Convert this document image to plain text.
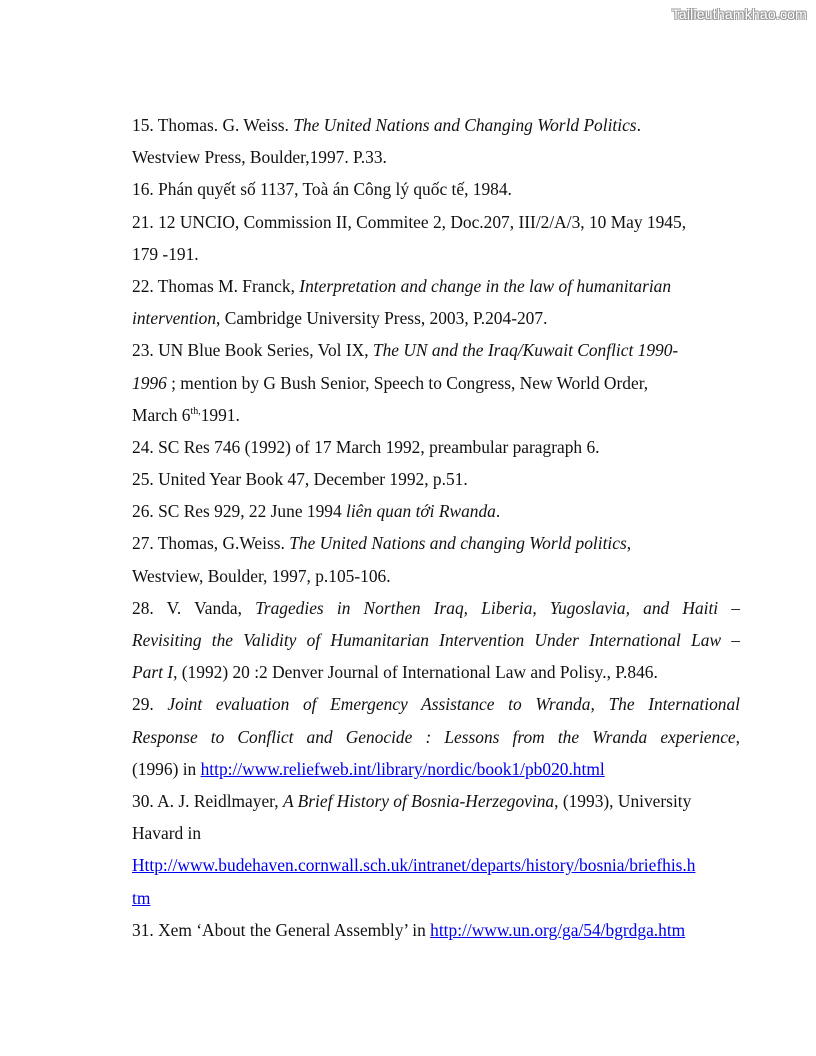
Tailieuthamkhao.com
15. Thomas. G. Weiss. The United Nations and Changing World Politics.
Westview Press, Boulder,1997. P.33.
16. Phán quyết số 1137, Toà án Công lý quốc tế, 1984.
21. 12 UNCIO, Commission II, Commitee 2, Doc.207, III/2/A/3, 10 May 1945,
179 -191.
22. Thomas M. Franck, Interpretation and change in the law of humanitarian
intervention, Cambridge University Press, 2003, P.204-207.
23. UN Blue Book Series, Vol IX, The UN and the Iraq/Kuwait Conflict 1990-
1996 ; mention by G Bush Senior, Speech to Congress, New World Order,
March $6^{th,}1991$.
24. SC Res 746 (1992) of 17 March 1992, preambular paragraph 6.
25. United Year Book 47, December 1992, p.51.
26. SC Res 929, 22 June 1994 liên quan tới Rwanda.
27. Thomas, G.Weiss. The United Nations and changing World politics,
Westview, Boulder, 1997, p.105-106.
28. V. Vanda, Tragedies in Northen Iraq, Liberia, Yugoslavia, and Haiti –
Revisiting the Validity of Humanitarian Intervention Under International Law –
Part I, (1992) 20 :2 Denver Journal of International Law and Polisy., P.846.
29. Joint evaluation of Emergency Assistance to Wranda, The International
Response to Conflict and Genocide : Lessons from the Wranda experience,
(1996) in http://www.reliefweb.int/library/nordic/book1/pb020.html
30. A. J. Reidlmayer, A Brief History of Bosnia-Herzegovina, (1993), University
Havard in
Http://www.budehaven.cornwall.sch.uk/intranet/departs/history/bosnia/briefhis.h
tm
31. Xem ‘About the General Assembly’ in http://www.un.org/ga/54/bgrdga.htm
